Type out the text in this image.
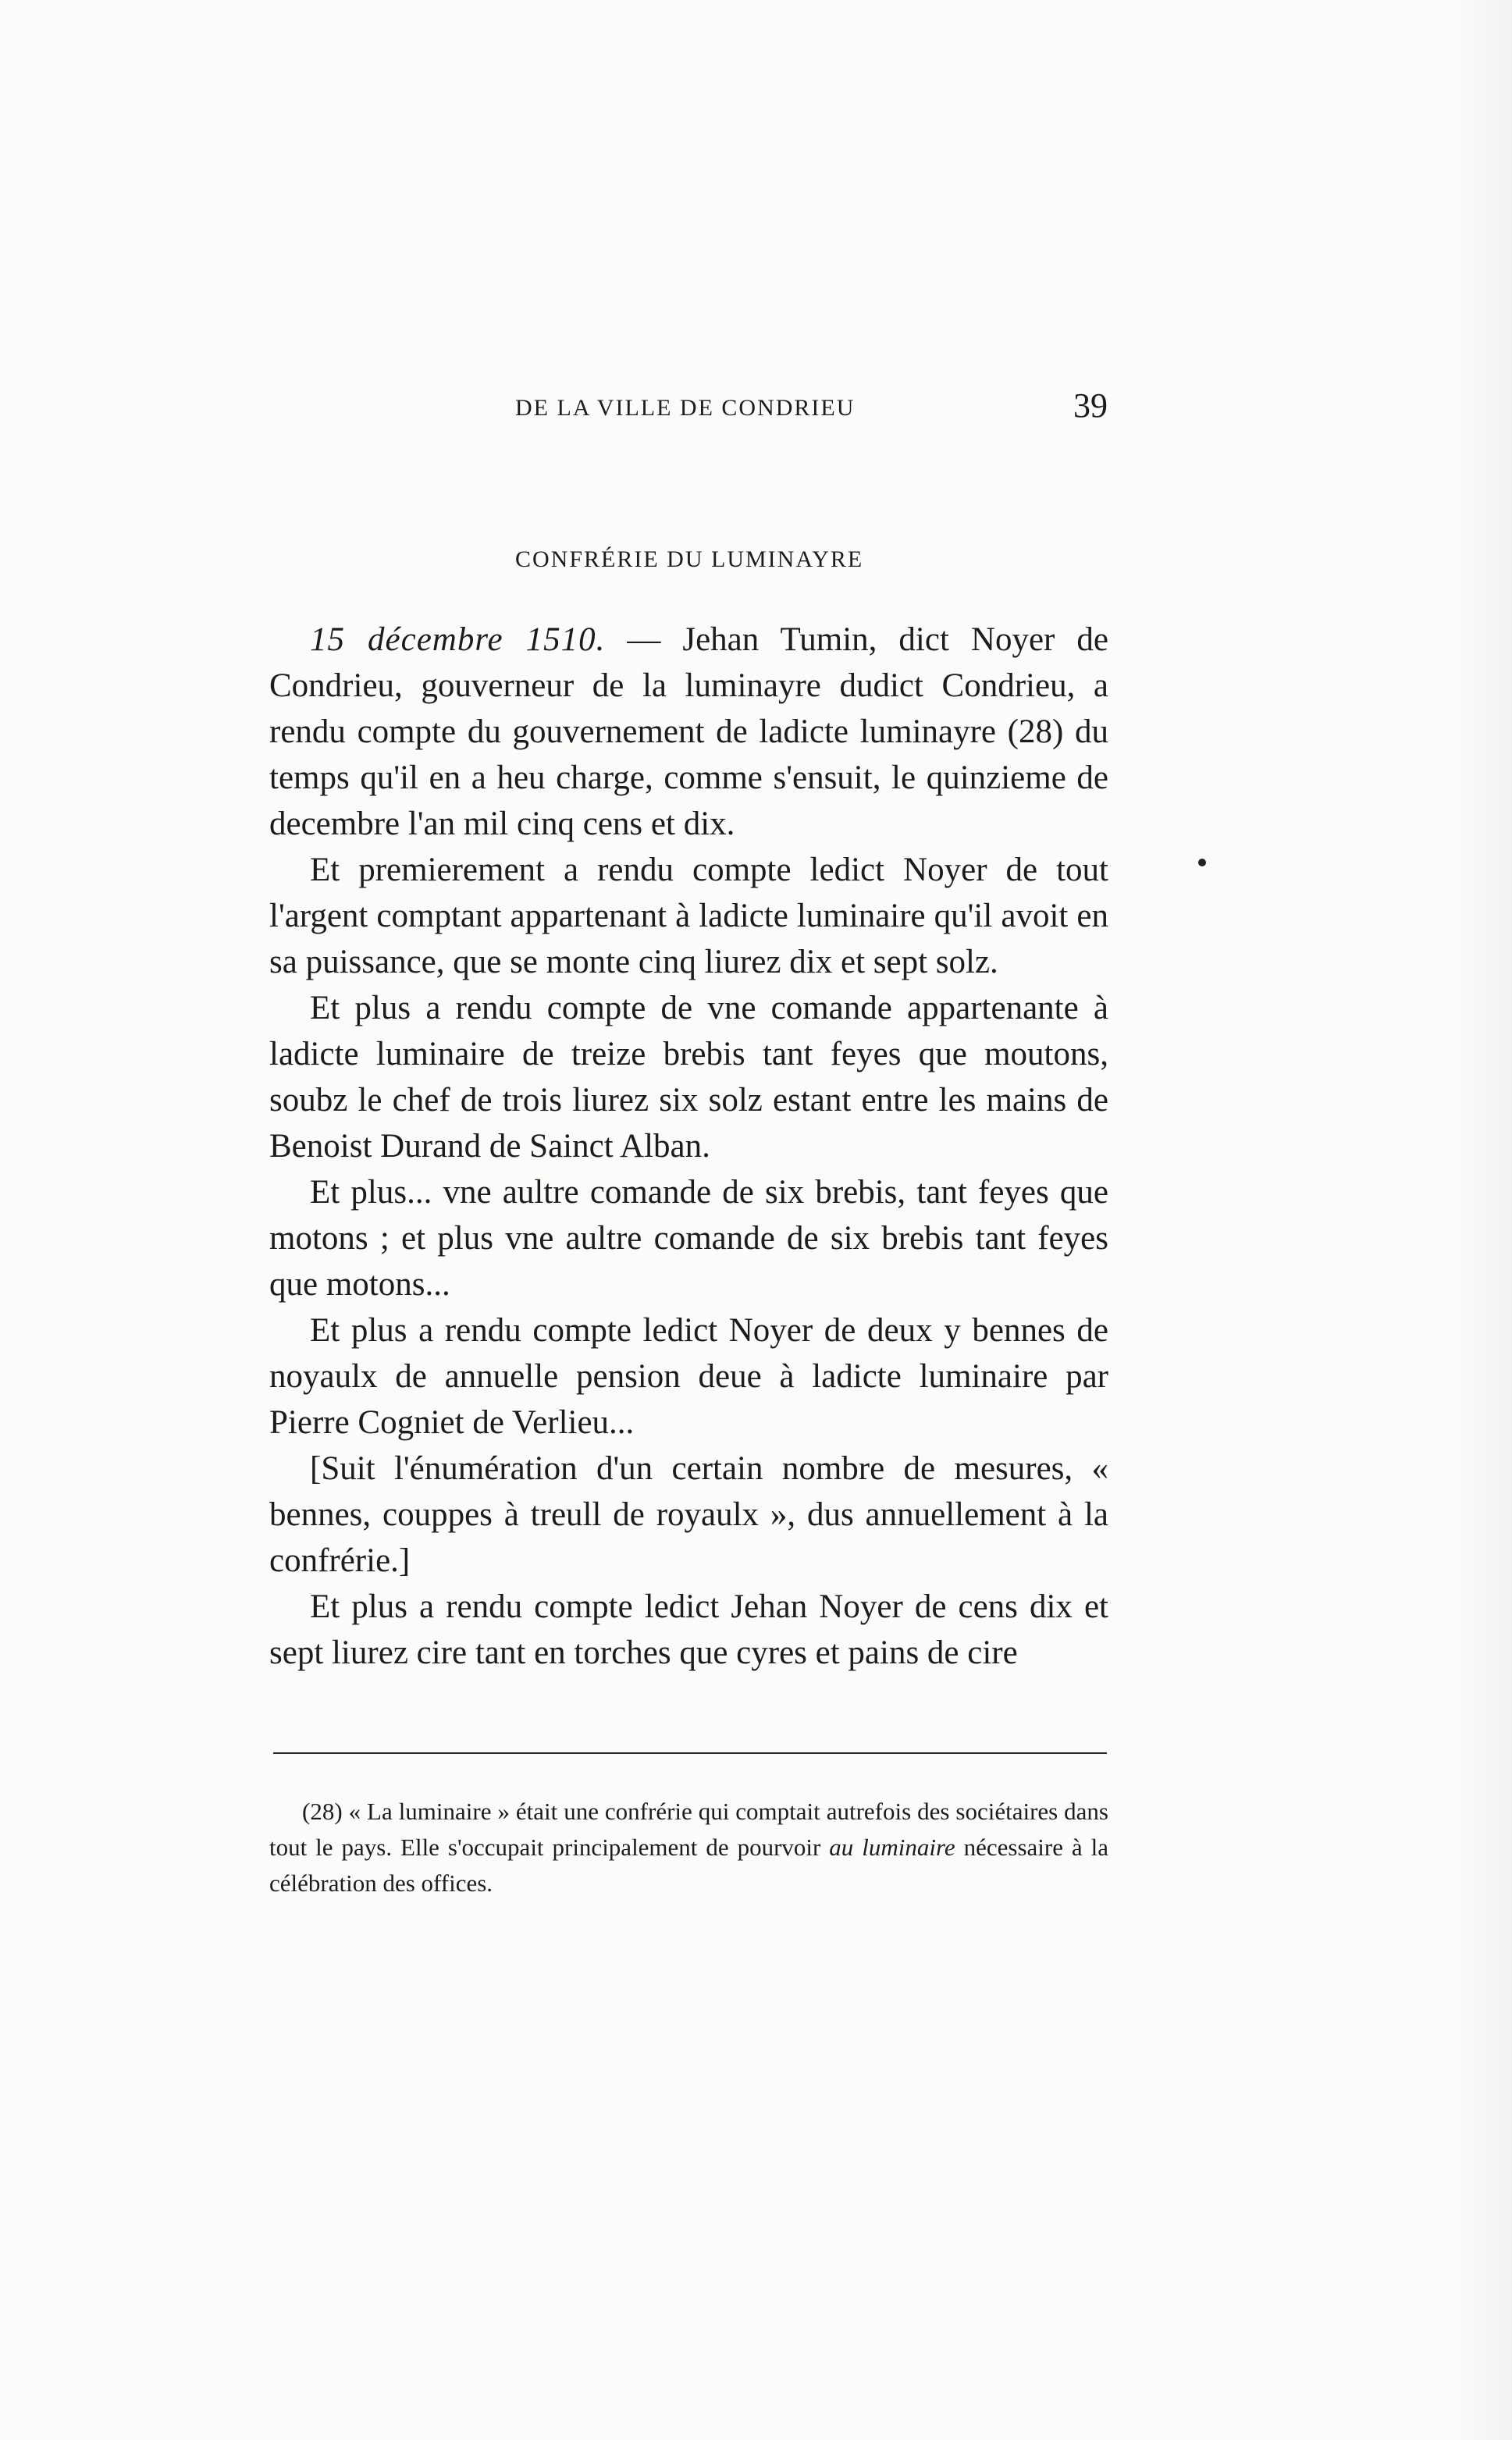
DE LA VILLE DE CONDRIEU	39
CONFRÉRIE DU LUMINAYRE

15 décembre 1510. — Jehan Tumin, dict Noyer de Condrieu, gouverneur de la luminayre dudict Condrieu, a rendu compte du gouvernement de ladicte luminayre (28) du temps qu'il en a heu charge, comme s'ensuit, le quinzieme de decembre l'an mil cinq cens et dix.

Et premierement a rendu compte ledict Noyer de tout l'argent comptant appartenant à ladicte luminaire qu'il avoit en sa puissance, que se monte cinq liurez dix et sept solz.

Et plus a rendu compte de vne comande appartenante à ladicte luminaire de treize brebis tant feyes que moutons, soubz le chef de trois liurez six solz estant entre les mains de Benoist Durand de Sainct Alban.

Et plus... vne aultre comande de six brebis, tant feyes que motons ; et plus vne aultre comande de six brebis tant feyes que motons...

Et plus a rendu compte ledict Noyer de deux y bennes de noyaulx de annuelle pension deue à ladicte luminaire par Pierre Cogniet de Verlieu...

[Suit l'énumération d'un certain nombre de mesures, « bennes, couppes à treull de royaulx », dus annuellement à la confrérie.]

Et plus a rendu compte ledict Jehan Noyer de cens dix et sept liurez cire tant en torches que cyres et pains de cire

(28) « La luminaire » était une confrérie qui comptait autrefois des sociétaires dans tout le pays. Elle s'occupait principalement de pourvoir au luminaire nécessaire à la célébration des offices.
